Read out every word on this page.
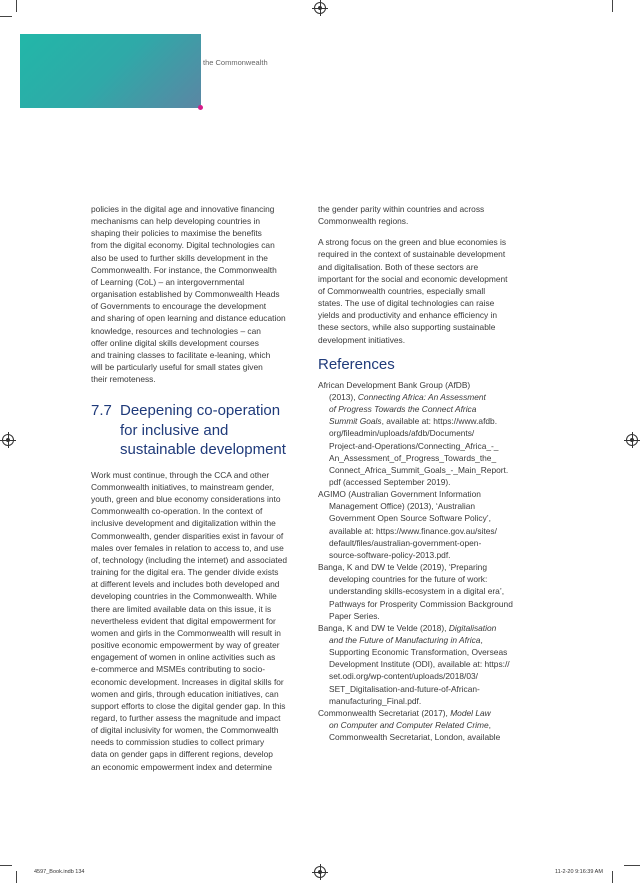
the Commonwealth

policies in the digital age and innovative financing
mechanisms can help developing countries in
shaping their policies to maximise the benefits
from the digital economy. Digital technologies can
also be used to further skills development in the
Commonwealth. For instance, the Commonwealth
of Learning (CoL) – an intergovernmental
organisation established by Commonwealth Heads
of Governments to encourage the development
and sharing of open learning and distance education
knowledge, resources and technologies – can
offer online digital skills development courses
and training classes to facilitate e-leaning, which
will be particularly useful for small states given
their remoteness.

7.7 Deepening co-operation
for inclusive and
sustainable development

Work must continue, through the CCA and other
Commonwealth initiatives, to mainstream gender,
youth, green and blue economy considerations into
Commonwealth co-operation. In the context of
inclusive development and digitalization within the
Commonwealth, gender disparities exist in favour of
males over females in relation to access to, and use
of, technology (including the internet) and associated
training for the digital era. The gender divide exists
at different levels and includes both developed and
developing countries in the Commonwealth. While
there are limited available data on this issue, it is
nevertheless evident that digital empowerment for
women and girls in the Commonwealth will result in
positive economic empowerment by way of greater
engagement of women in online activities such as
e-commerce and MSMEs contributing to socio-
economic development. Increases in digital skills for
women and girls, through education initiatives, can
support efforts to close the digital gender gap. In this
regard, to further assess the magnitude and impact
of digital inclusivity for women, the Commonwealth
needs to commission studies to collect primary
data on gender gaps in different regions, develop
an economic empowerment index and determine

the gender parity within countries and across
Commonwealth regions.

A strong focus on the green and blue economies is
required in the context of sustainable development
and digitalisation. Both of these sectors are
important for the social and economic development
of Commonwealth countries, especially small
states. The use of digital technologies can raise
yields and productivity and enhance efficiency in
these sectors, while also supporting sustainable
development initiatives.

References

African Development Bank Group (AfDB)
(2013), Connecting Africa: An Assessment
of Progress Towards the Connect Africa
Summit Goals, available at: https://www.afdb.
org/fileadmin/uploads/afdb/Documents/
Project-and-Operations/Connecting_Africa_-_
An_Assessment_of_Progress_Towards_the_
Connect_Africa_Summit_Goals_-_Main_Report.
pdf (accessed September 2019).

AGIMO (Australian Government Information
Management Office) (2013), ‘Australian
Government Open Source Software Policy’,
available at: https://www.finance.gov.au/sites/
default/files/australian-government-open-
source-software-policy-2013.pdf.

Banga, K and DW te Velde (2019), ‘Preparing
developing countries for the future of work:
understanding skills-ecosystem in a digital era’,
Pathways for Prosperity Commission Background
Paper Series.

Banga, K and DW te Velde (2018), Digitalisation
and the Future of Manufacturing in Africa,
Supporting Economic Transformation, Overseas
Development Institute (ODI), available at: https://
set.odi.org/wp-content/uploads/2018/03/
SET_Digitalisation-and-future-of-African-
manufacturing_Final.pdf.

Commonwealth Secretariat (2017), Model Law
on Computer and Computer Related Crime,
Commonwealth Secretariat, London, available

4597_Book.indb 134	11-2-20 9:16:39 AM
